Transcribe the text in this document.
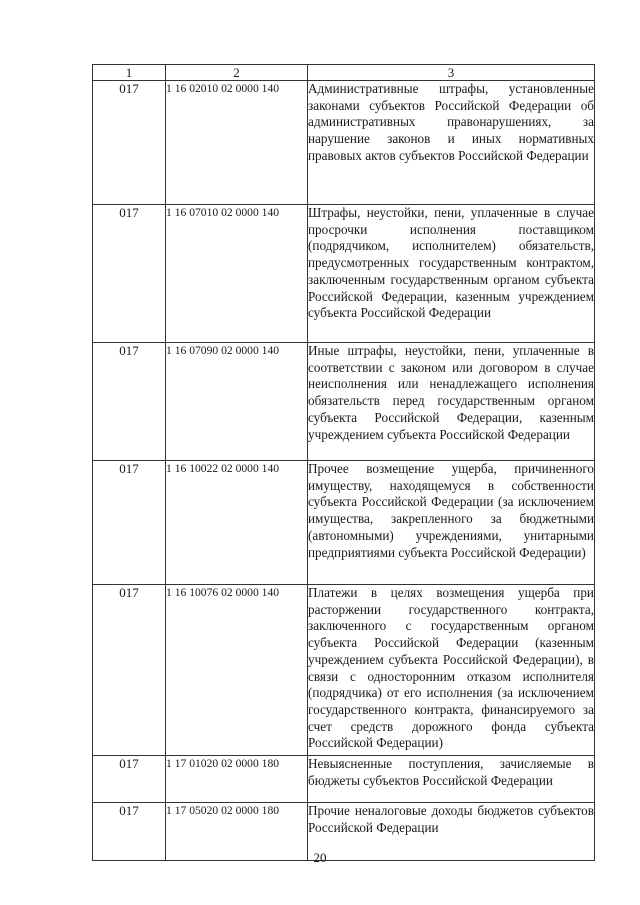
1	2	3
017	1 16 02010 02 0000 140	Административные штрафы, установленные законами субъектов Российской Федерации об административных правонарушениях, за нарушение законов и иных нормативных правовых актов субъектов Российской Федерации
017	1 16 07010 02 0000 140	Штрафы, неустойки, пени, уплаченные в случае просрочки исполнения поставщиком (подрядчиком, исполнителем) обязательств, предусмотренных государственным контрактом, заключенным государственным органом субъекта Российской Федерации, казенным учреждением субъекта Российской Федерации
017	1 16 07090 02 0000 140	Иные штрафы, неустойки, пени, уплаченные в соответствии с законом или договором в случае неисполнения или ненадлежащего исполнения обязательств перед государственным органом субъекта Российской Федерации, казенным учреждением субъекта Российской Федерации
017	1 16 10022 02 0000 140	Прочее возмещение ущерба, причиненного имуществу, находящемуся в собственности субъекта Российской Федерации (за исключением имущества, закрепленного за бюджетными (автономными) учреждениями, унитарными предприятиями субъекта Российской Федерации)
017	1 16 10076 02 0000 140	Платежи в целях возмещения ущерба при расторжении государственного контракта, заключенного с государственным органом субъекта Российской Федерации (казенным учреждением субъекта Российской Федерации), в связи с односторонним отказом исполнителя (подрядчика) от его исполнения (за исключением государственного контракта, финансируемого за счет средств дорожного фонда субъекта Российской Федерации)
017	1 17 01020 02 0000 180	Невыясненные поступления, зачисляемые в бюджеты субъектов Российской Федерации
017	1 17 05020 02 0000 180	Прочие неналоговые доходы бюджетов субъектов Российской Федерации
20
